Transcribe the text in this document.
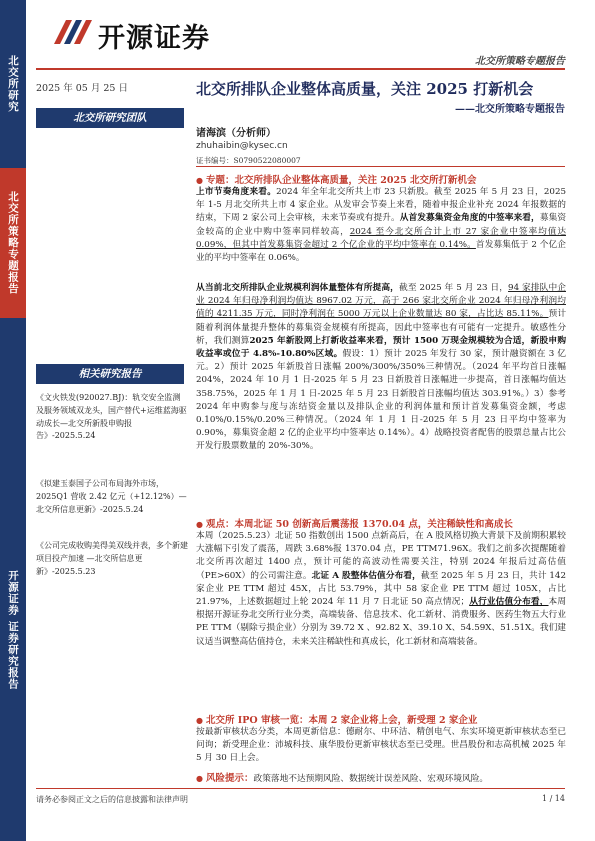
北交所研究
北交所策略专题报告
开源证券 证券研究报告
开源证券
北交所策略专题报告
2025 年 05 月 25 日	北交所排队企业整体高质量，关注 2025 打新机会
——北交所策略专题报告
北交所研究团队
诸海滨（分析师）
zhuhaibin@kysec.cn
证书编号：S0790522080007
● 专题：北交所排队企业整体高质量，关注 2025 北交所打新机会
上市节奏角度来看。2024 年全年北交所共上市 23 只新股。截至 2025 年 5 月 23 日，2025 年 1-5 月北交所共上市 4 家企业。从发审会节奏上来看，随着申报企业补充 2024 年报数据的结束，下周 2 家公司上会审核，未来节奏或有提升。从首发募集资金角度的中签率来看，募集资金较高的企业中购中签率同样较高，2024 至今北交所合计上市 27 家企业中签率均值达 0.09%，但其中首发募集资金超过 2 个亿企业的平均中签率在 0.14%。首发募集低于 2 个亿企业的平均中签率在 0.06%。
从当前北交所排队企业规模利润体量整体有所提高，截至 2025 年 5 月 23 日，94 家排队中企业 2024 年归母净利润均值达 8967.02 万元，高于 266 家北交所企业 2024 年归母净利润均值的 4211.35 万元，同时净利润在 5000 万元以上企业数量达 80 家，占比达 85.11%。预计随着利润体量提升整体的募集资金规模有所提高，因此中签率也有可能有一定提升。敏感性分析，我们测算2025 年新股网上打新收益率来看，预计 1500 万现金规模较为合适，新股申购收益率或位于 4.8%-10.80%区域。假设：1）预计 2025 年发行 30 家，预计融资额在 3 亿元。2）预计 2025 年新股首日涨幅 200%/300%/350%三种情况。（2024 年平均首日涨幅 204%，2024 年 10 月 1 日-2025 年 5 月 23 日新股首日涨幅进一步提高，首日涨幅均值达 358.75%，2025 年 1 月 1 日-2025 年 5 月 23 日新股首日涨幅均值达 303.91%。）3）参考 2024 年申购参与度与冻结资金量以及排队企业的利润体量和预计首发募集资金额，考虑 0.10%/0.15%/0.20%三种情况。（2024 年 1 月 1 日-2025 年 5 月 23 日平均中签率为 0.90%，募集资金超 2 亿的企业平均中签率达 0.14%）。4）战略投资者配售的股票总量占比公开发行股票数量的 20%-30%。
● 观点：本周北证 50 创新高后震荡报 1370.04 点，关注稀缺性和高成长
本周（2025.5.23）北证 50 指数创出 1500 点新高后，在 A 股风格切换大背景下及前期积累较大涨幅下引发了震荡，周跌 3.68%报 1370.04 点，PE TTM71.96X。我们之前多次提醒随着北交所再次超过 1400 点，预计可能的高波动性需要关注，特别 2024 年报后过高估值（PE>60X）的公司需注意。北证 A 股整体估值分布看，截至 2025 年 5 月 23 日，共计 142 家企业 PE TTM 超过 45X，占比 53.79%，其中 58 家企业 PE TTM 超过 105X，占比 21.97%，上述数据超过上轮 2024 年 11 月 7 日北证 50 高点情况；从行业估值分布看，本周根据开源证券北交所行业分类，高端装备、信息技术、化工新材、消费服务、医药生物五大行业 PE TTM（剔除亏损企业）分别为 39.72 X 、92.82 X、39.10 X、54.59X、51.51X。我们建议适当调整高估值持仓，未来关注稀缺性和真成长，化工新材和高端装备。
● 北交所 IPO 审核一览：本周 2 家企业将上会，新受理 2 家企业
按最新审核状态分类，本周更新信息：德耐尔、中环洁、精创电气、东实环境更新审核状态至已问询；新受理企业：沛城科技、康华股份更新审核状态至已受理。世昌股份和志高机械 2025 年 5 月 30 日上会。
● 风险提示：政策落地不达预期风险、数据统计误差风险、宏观环境风险。
相关研究报告
《文火铁发(920027.BJ)：轨交安全监测及服务领域双龙头，国产替代+运维蓝海驱动成长—北交所新股申购报告》-2025.5.24
《拟建玉泰国子公司布局海外市场，2025Q1 营收 2.42 亿元（+12.12%）—北交所信息更新》-2025.5.24
《公司完成收购美得美双线并表，多个新建项目投产加速 —北交所信息更新》-2025.5.23
请务必参阅正文之后的信息披露和法律声明	1 / 14
